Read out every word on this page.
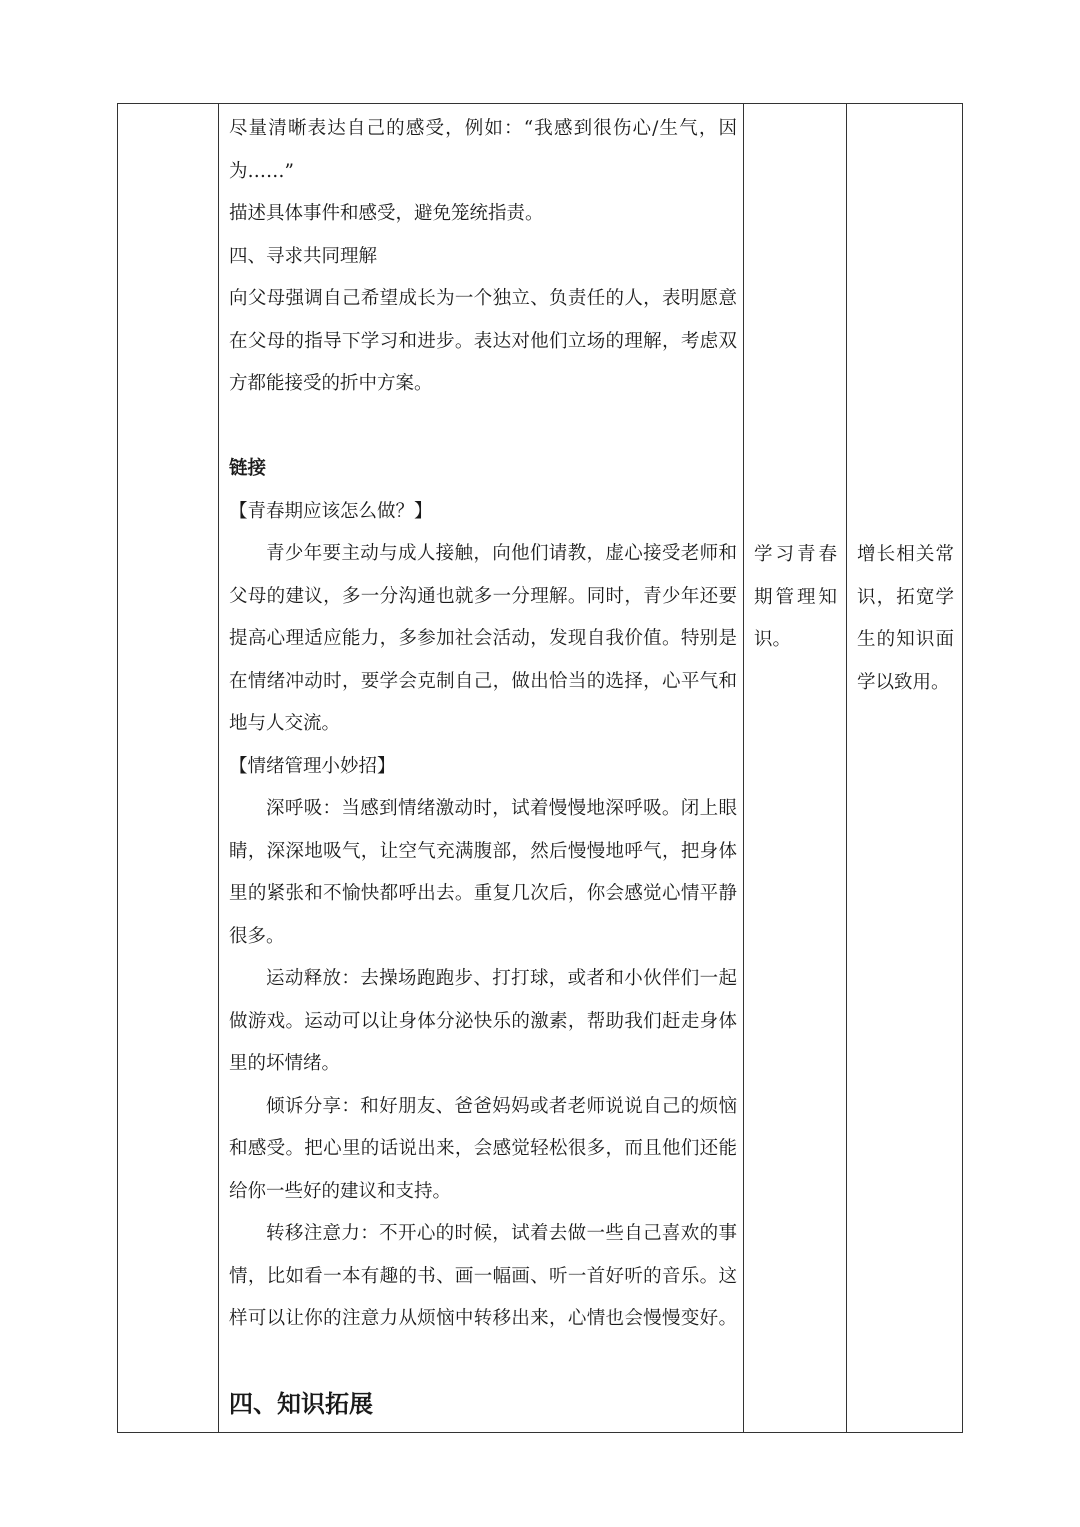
尽量清晰表达自己的感受，例如：“我感到很伤心/生气，因
为……”
描述具体事件和感受，避免笼统指责。
四、寻求共同理解
向父母强调自己希望成长为一个独立、负责任的人，表明愿意
在父母的指导下学习和进步。表达对他们立场的理解，考虑双
方都能接受的折中方案。
链接
【青春期应该怎么做？】
青少年要主动与成人接触，向他们请教，虚心接受老师和
父母的建议，多一分沟通也就多一分理解。同时，青少年还要
提高心理适应能力，多参加社会活动，发现自我价值。特别是
在情绪冲动时，要学会克制自己，做出恰当的选择，心平气和
地与人交流。
【情绪管理小妙招】
深呼吸：当感到情绪激动时，试着慢慢地深呼吸。闭上眼
睛，深深地吸气，让空气充满腹部，然后慢慢地呼气，把身体
里的紧张和不愉快都呼出去。重复几次后，你会感觉心情平静
很多。
运动释放：去操场跑跑步、打打球，或者和小伙伴们一起
做游戏。运动可以让身体分泌快乐的激素，帮助我们赶走身体
里的坏情绪。
倾诉分享：和好朋友、爸爸妈妈或者老师说说自己的烦恼
和感受。把心里的话说出来，会感觉轻松很多，而且他们还能
给你一些好的建议和支持。
转移注意力：不开心的时候，试着去做一些自己喜欢的事
情，比如看一本有趣的书、画一幅画、听一首好听的音乐。这
样可以让你的注意力从烦恼中转移出来，心情也会慢慢变好。
四、知识拓展
学习青春
期管理知
识。
增长相关常
识，拓宽学
生的知识面
学以致用。
